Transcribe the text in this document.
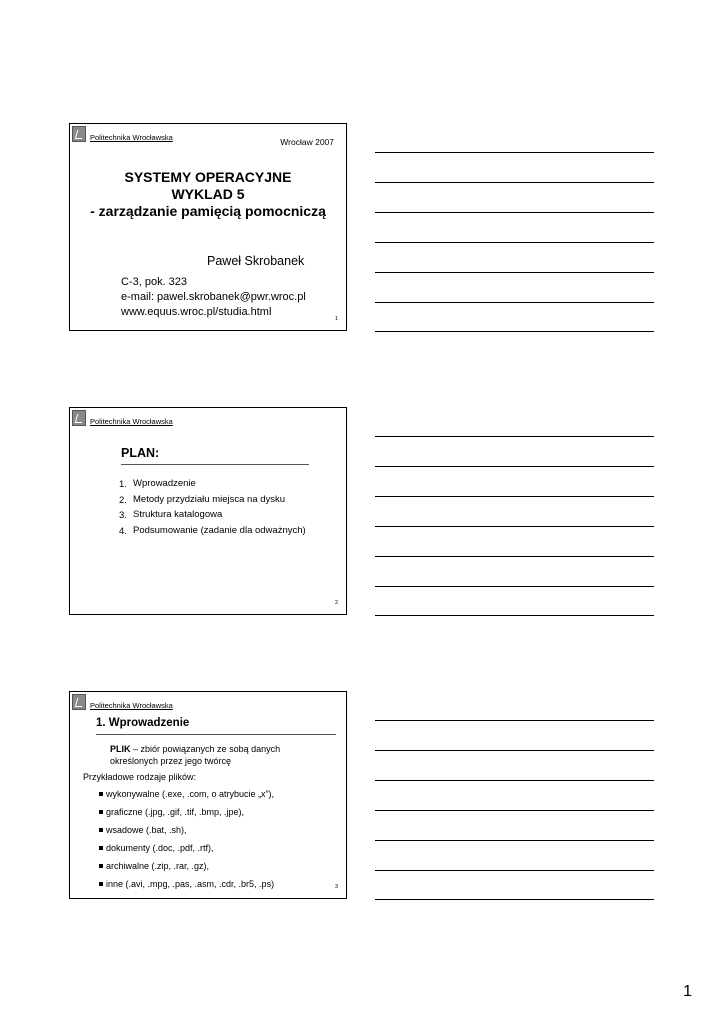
Politechnika Wrocławska	Wrocław 2007
SYSTEMY OPERACYJNE
WYKLAD 5
- zarządzanie pamięcią pomocniczą
Paweł Skrobanek
C-3, pok. 323
e-mail: pawel.skrobanek@pwr.wroc.pl
www.equus.wroc.pl/studia.html
1
Politechnika Wrocławska
PLAN:
1. Wprowadzenie
2. Metody przydziału miejsca na dysku
3. Struktura katalogowa
4. Podsumowanie (zadanie dla odważnych)
2
Politechnika Wrocławska
1. Wprowadzenie
PLIK – zbiór powiązanych ze sobą danych określonych przez jego twórcę
Przykładowe rodzaje plików:
wykonywalne (.exe, .com, o atrybucie „x”),
graficzne (.jpg, .gif, .tif, .bmp, .jpe),
wsadowe (.bat, .sh),
dokumenty (.doc, .pdf, .rtf),
archiwalne (.zip, .rar, .gz),
inne (.avi, .mpg, .pas, .asm, .cdr, .br5, .ps)	3
1
